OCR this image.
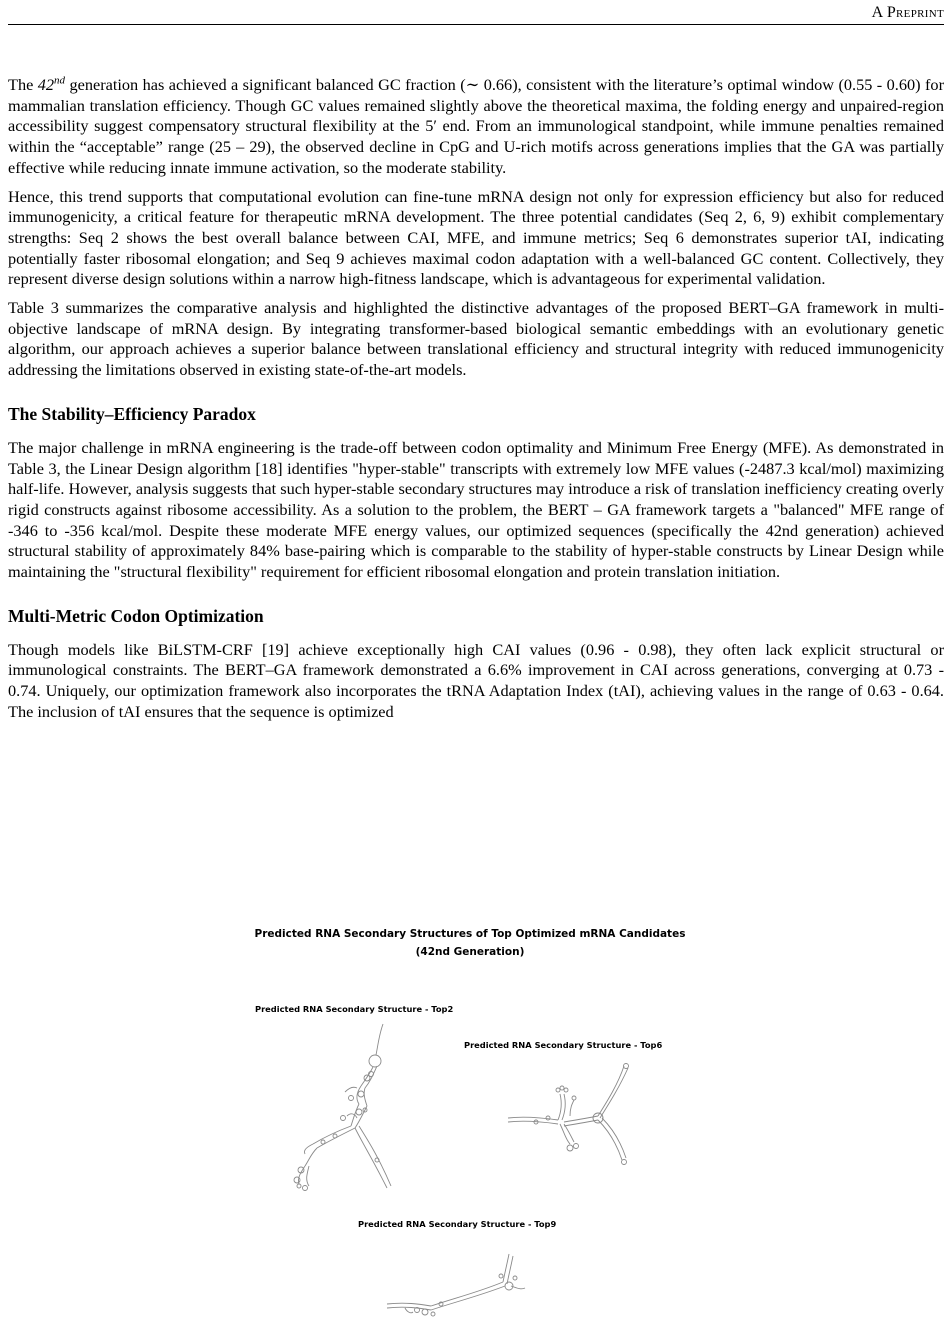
A Preprint

The 42nd generation has achieved a significant balanced GC fraction (∼ 0.66), consistent with the literature’s optimal window (0.55 - 0.60) for mammalian translation efficiency. Though GC values remained slightly above the theoretical maxima, the folding energy and unpaired-region accessibility suggest compensatory structural flexibility at the 5′ end. From an immunological standpoint, while immune penalties remained within the “acceptable” range (25 – 29), the observed decline in CpG and U-rich motifs across generations implies that the GA was partially effective while reducing innate immune activation, so the moderate stability.

Hence, this trend supports that computational evolution can fine-tune mRNA design not only for expression efficiency but also for reduced immunogenicity, a critical feature for therapeutic mRNA development. The three potential candidates (Seq 2, 6, 9) exhibit complementary strengths: Seq 2 shows the best overall balance between CAI, MFE, and immune metrics; Seq 6 demonstrates superior tAI, indicating potentially faster ribosomal elongation; and Seq 9 achieves maximal codon adaptation with a well-balanced GC content. Collectively, they represent diverse design solutions within a narrow high-fitness landscape, which is advantageous for experimental validation.

Table 3 summarizes the comparative analysis and highlighted the distinctive advantages of the proposed BERT–GA framework in multi-objective landscape of mRNA design. By integrating transformer-based biological semantic embeddings with an evolutionary genetic algorithm, our approach achieves a superior balance between translational efficiency and structural integrity with reduced immunogenicity addressing the limitations observed in existing state-of-the-art models.

The Stability–Efficiency Paradox

The major challenge in mRNA engineering is the trade-off between codon optimality and Minimum Free Energy (MFE). As demonstrated in Table 3, the Linear Design algorithm [18] identifies "hyper-stable" transcripts with extremely low MFE values (-2487.3 kcal/mol) maximizing half-life. However, analysis suggests that such hyper-stable secondary structures may introduce a risk of translation inefficiency creating overly rigid constructs against ribosome accessibility. As a solution to the problem, the BERT – GA framework targets a "balanced" MFE range of -346 to -356 kcal/mol. Despite these moderate MFE energy values, our optimized sequences (specifically the 42nd generation) achieved structural stability of approximately 84% base-pairing which is comparable to the stability of hyper-stable constructs by Linear Design while maintaining the "structural flexibility" requirement for efficient ribosomal elongation and protein translation initiation.

Multi-Metric Codon Optimization

Though models like BiLSTM-CRF [19] achieve exceptionally high CAI values (0.96 - 0.98), they often lack explicit structural or immunological constraints. The BERT–GA framework demonstrated a 6.6% improvement in CAI across generations, converging at 0.73 - 0.74. Uniquely, our optimization framework also incorporates the tRNA Adaptation Index (tAI), achieving values in the range of 0.63 - 0.64. The inclusion of tAI ensures that the sequence is optimized

Predicted RNA Secondary Structures of Top Optimized mRNA Candidates
(42nd Generation)
Predicted RNA Secondary Structure - Top2
Predicted RNA Secondary Structure - Top6
Predicted RNA Secondary Structure - Top9
